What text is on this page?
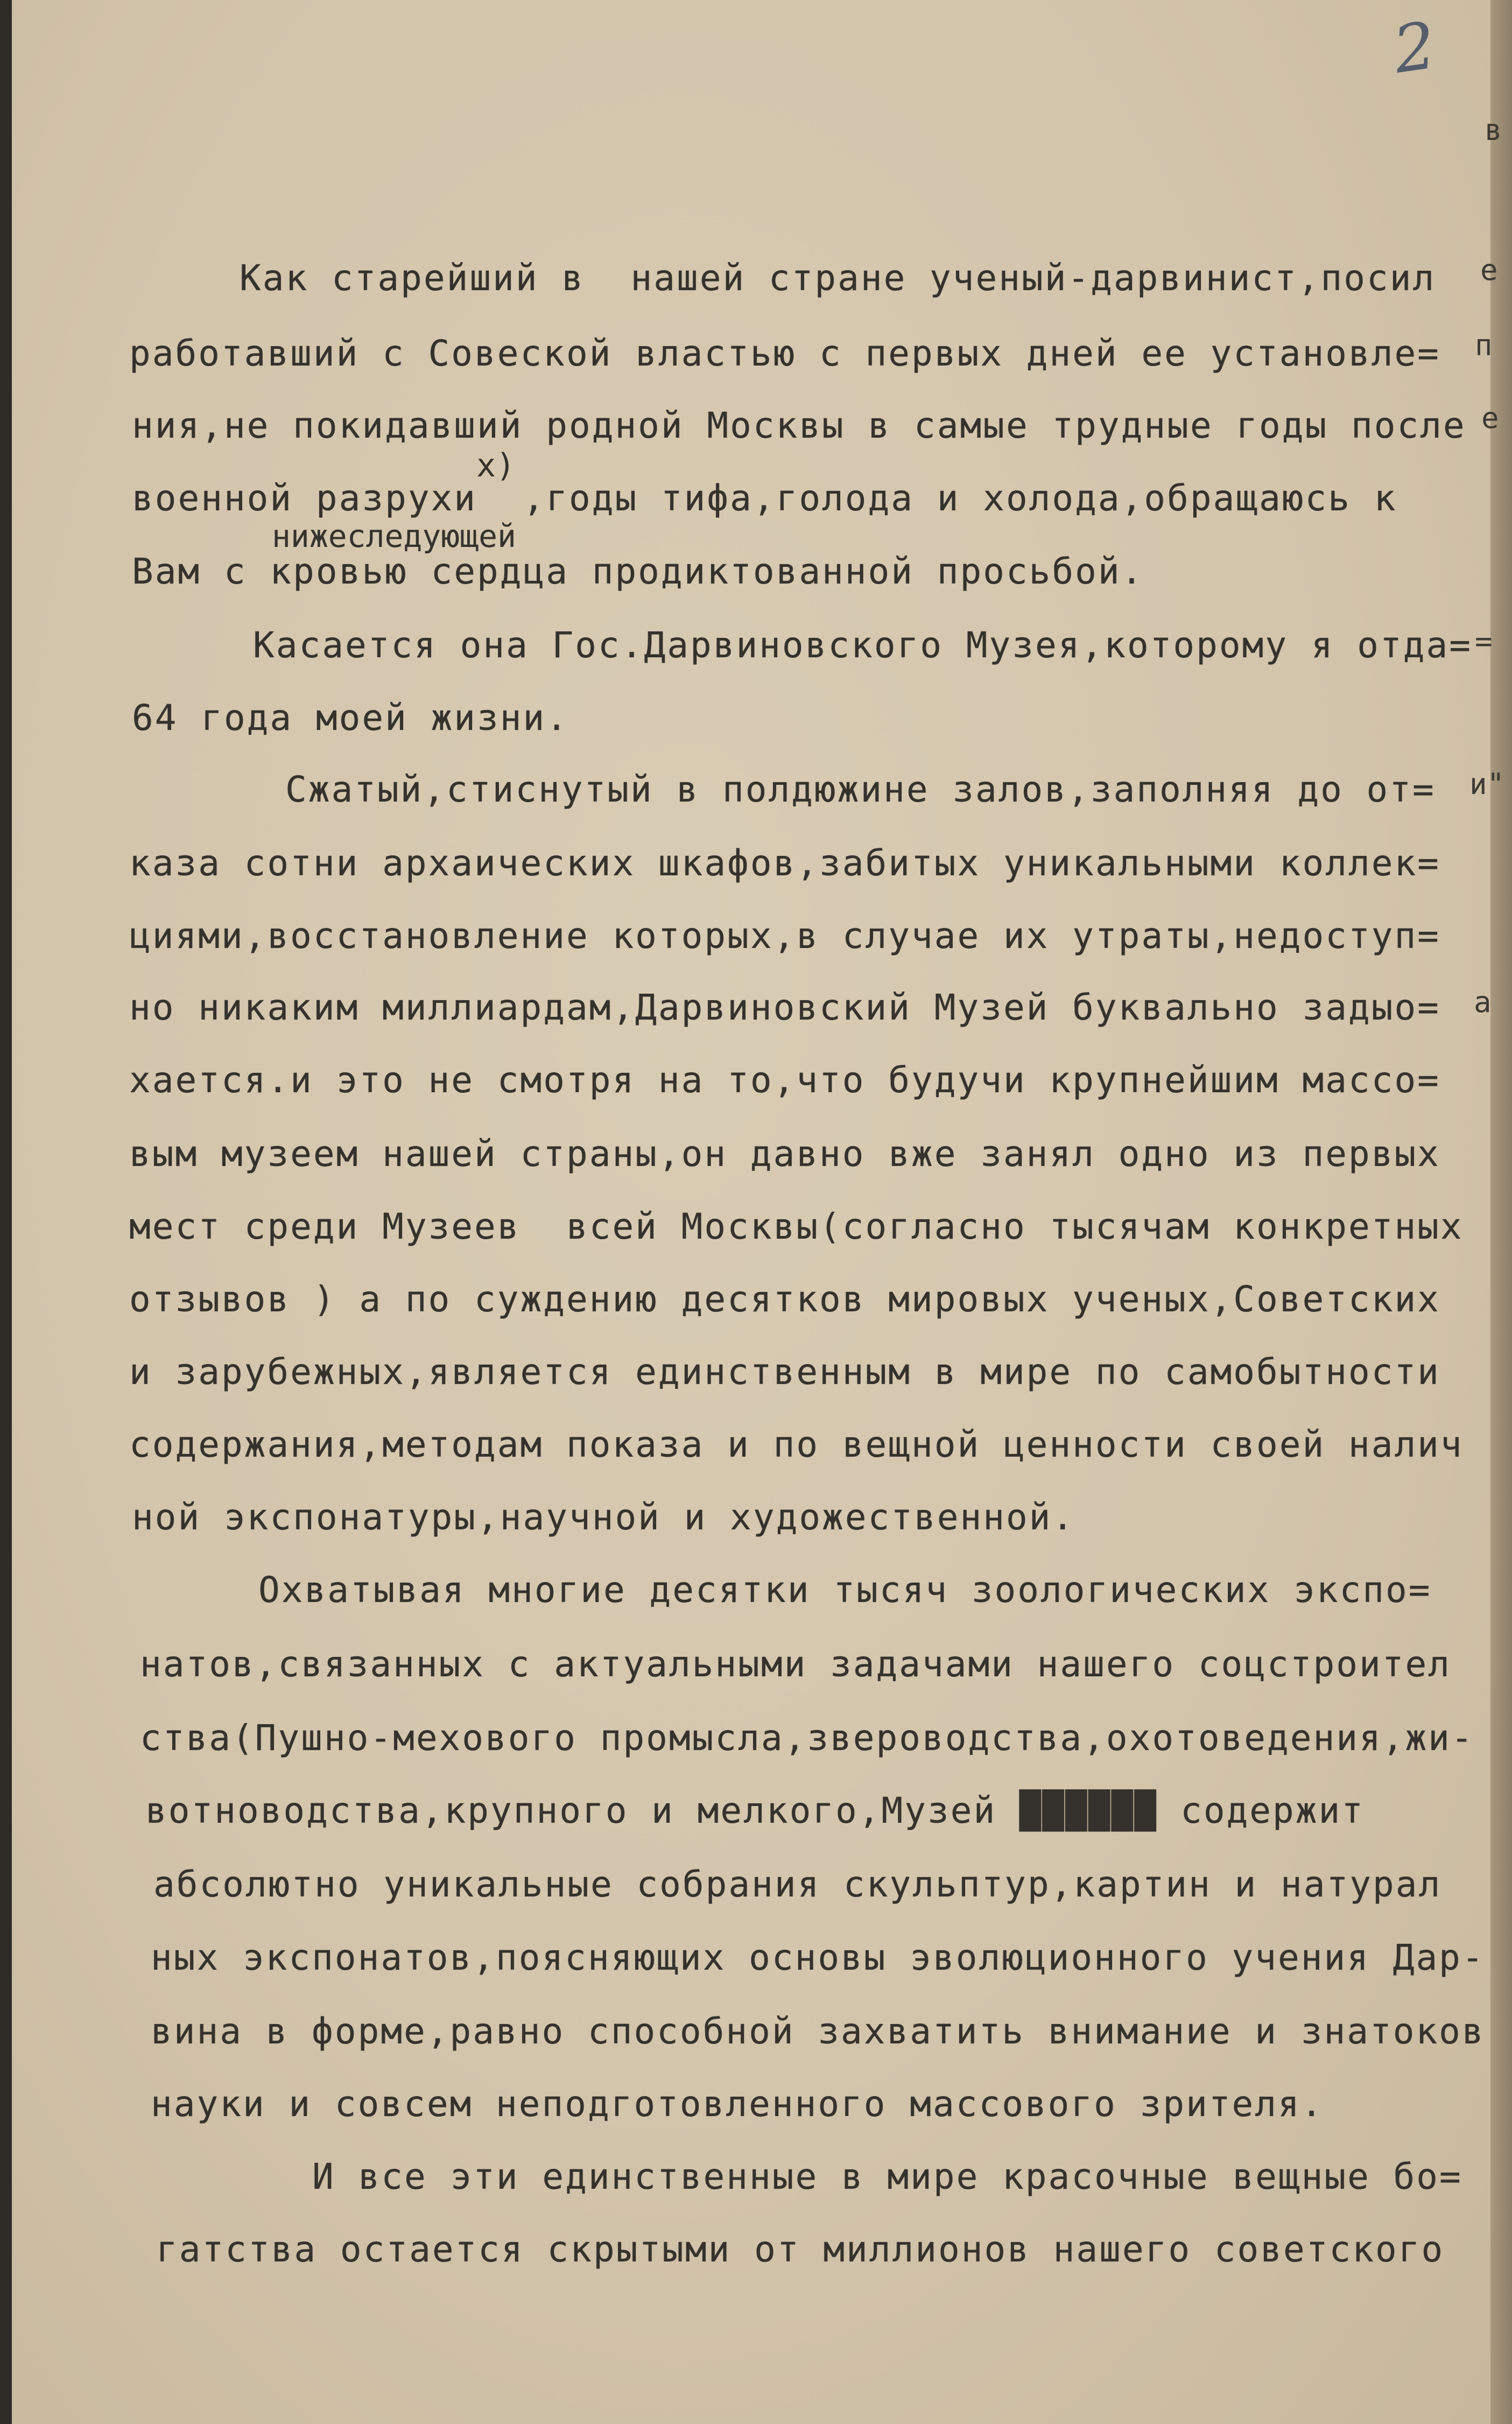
2
в
е
п
е
=
и"
а

Как старейший в  нашей стране ученый-дарвинист,посил

работавший с Совеской властью с первых дней ее установле=

ния,не покидавший родной Москвы в самые трудные годы после

военной разрухи  ,годы тифа,голода и холода,обращаюсь к

Вам с кровью сердца продиктованной просьбой.

Касается она Гос.Дарвиновского Музея,которому я отда=

64 года моей жизни.

Сжатый,стиснутый в полдюжине залов,заполняя до от=

каза сотни архаических шкафов,забитых уникальными коллек=

циями,восстановление которых,в случае их утраты,недоступ=

но никаким миллиардам,Дарвиновский Музей буквально задыо=

хается.и это не смотря на то,что будучи крупнейшим массо=

вым музеем нашей страны,он давно вже занял одно из первых

мест среди Музеев  всей Москвы(согласно тысячам конкретных

отзывов ) а по суждению десятков мировых ученых,Советских

и зарубежных,является единственным в мире по самобытности

содержания,методам показа и по вещной ценности своей налич

ной экспонатуры,научной и художественной.

Охватывая многие десятки тысяч зоологических экспо=

натов,связанных с актуальными задачами нашего соцстроител

ства(Пушно-мехового промысла,звероводства,охотоведения,жи-

вотноводства,крупного и мелкого,Музей ██████ содержит

абсолютно уникальные собрания скульптур,картин и натурал

ных экспонатов,поясняющих основы эволюционного учения Дар-

вина в форме,равно способной захватить внимание и знатоков

науки и совсем неподготовленного массового зрителя.

И все эти единственные в мире красочные вещные бо=

гатства остается скрытыми от миллионов нашего советского

х)
нижеследующей
